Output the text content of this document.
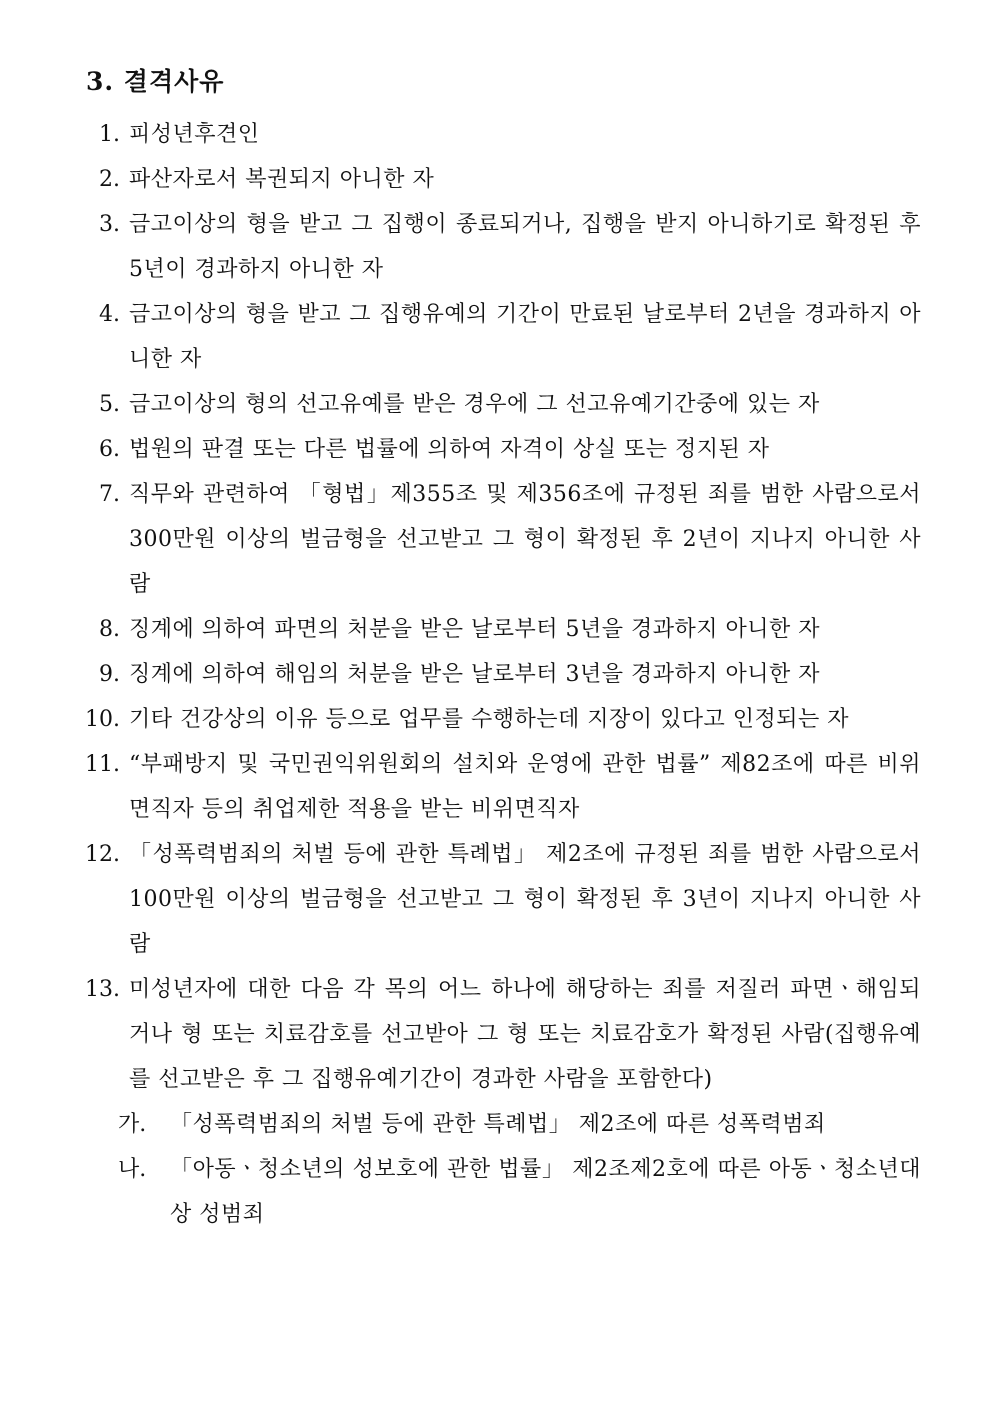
3. 결격사유
1. 피성년후견인
2. 파산자로서 복권되지 아니한 자
3. 금고이상의 형을 받고 그 집행이 종료되거나, 집행을 받지 아니하기로 확정된 후 5년이 경과하지 아니한 자
4. 금고이상의 형을 받고 그 집행유예의 기간이 만료된 날로부터 2년을 경과하지 아니한 자
5. 금고이상의 형의 선고유예를 받은 경우에 그 선고유예기간중에 있는 자
6. 법원의 판결 또는 다른 법률에 의하여 자격이 상실 또는 정지된 자
7. 직무와 관련하여 「형법」제355조 및 제356조에 규정된 죄를 범한 사람으로서 300만원 이상의 벌금형을 선고받고 그 형이 확정된 후 2년이 지나지 아니한 사람
8. 징계에 의하여 파면의 처분을 받은 날로부터 5년을 경과하지 아니한 자
9. 징계에 의하여 해임의 처분을 받은 날로부터 3년을 경과하지 아니한 자
10. 기타 건강상의 이유 등으로 업무를 수행하는데 지장이 있다고 인정되는 자
11. “부패방지 및 국민권익위원회의 설치와 운영에 관한 법률” 제82조에 따른 비위면직자 등의 취업제한 적용을 받는 비위면직자
12. 「성폭력범죄의 처벌 등에 관한 특례법」 제2조에 규정된 죄를 범한 사람으로서 100만원 이상의 벌금형을 선고받고 그 형이 확정된 후 3년이 지나지 아니한 사람
13. 미성년자에 대한 다음 각 목의 어느 하나에 해당하는 죄를 저질러 파면ㆍ해임되거나 형 또는 치료감호를 선고받아 그 형 또는 치료감호가 확정된 사람(집행유예를 선고받은 후 그 집행유예기간이 경과한 사람을 포함한다)
가. 「성폭력범죄의 처벌 등에 관한 특례법」 제2조에 따른 성폭력범죄
나. 「아동ㆍ청소년의 성보호에 관한 법률」 제2조제2호에 따른 아동ㆍ청소년대상 성범죄
